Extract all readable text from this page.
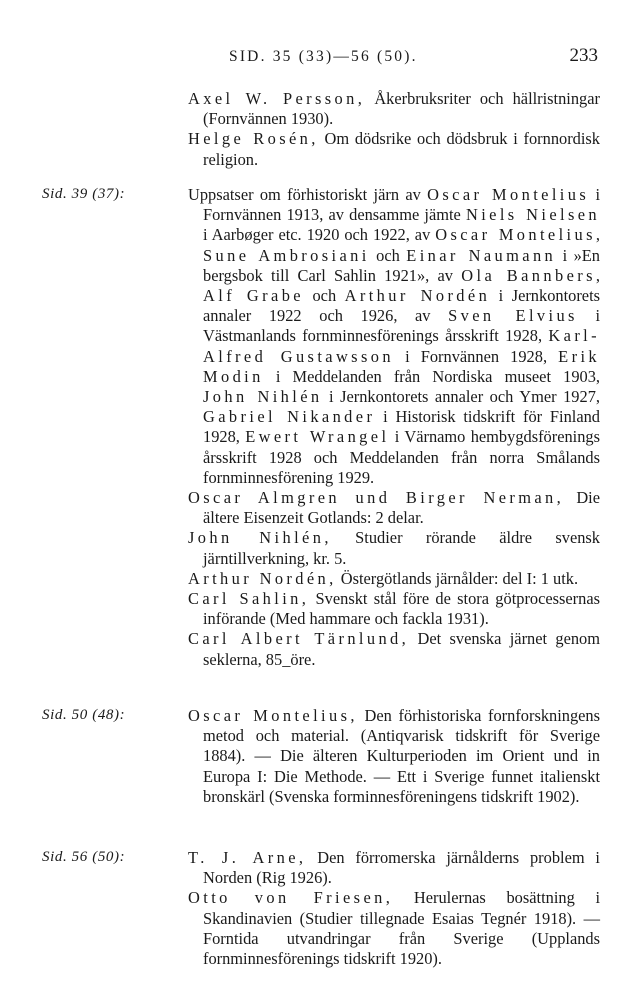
SID. 35 (33)—56 (50).	233

Axel W. Persson, Åkerbruksriter och hällristningar (Fornvännen 1930).

Helge Rosén, Om dödsrike och dödsbruk i fornnordisk religion.

Sid. 39 (37):	Uppsatser om förhistoriskt järn av Oscar Montelius i Fornvännen 1913, av densamme jämte Niels Nielsen i Aarbøger etc. 1920 och 1922, av Oscar Montelius, Sune Ambrosiani och Einar Naumann i »En bergsbok till Carl Sahlin 1921», av Ola Bannbers, Alf Grabe och Arthur Nordén i Jernkontorets annaler 1922 och 1926, av Sven Elvius i Västmanlands fornminnesförenings årsskrift 1928, Karl-Alfred Gustawsson i Fornvännen 1928, Erik Modin i Meddelanden från Nordiska museet 1903, John Nihlén i Jernkontorets annaler och Ymer 1927, Gabriel Nikander i Historisk tidskrift för Finland 1928, Ewert Wrangel i Värnamo hembygdsförenings årsskrift 1928 och Meddelanden från norra Smålands fornminnesförening 1929.

Oscar Almgren und Birger Nerman, Die ältere Eisenzeit Gotlands: 2 delar.

John Nihlén, Studier rörande äldre svensk järntillverkning, kr. 5.

Arthur Nordén, Östergötlands järnålder: del I: 1 utk.

Carl Sahlin, Svenskt stål före de stora götprocessernas införande (Med hammare och fackla 1931).

Carl Albert Tärnlund, Det svenska järnet genom seklerna, 85_öre.

Sid. 50 (48):	Oscar Montelius, Den förhistoriska fornforskningens metod och material. (Antiqvarisk tidskrift för Sverige 1884). — Die älteren Kulturperioden im Orient und in Europa I: Die Methode. — Ett i Sverige funnet italienskt bronskärl (Svenska forminnesföreningens tidskrift 1902).

Sid. 56 (50):	T. J. Arne, Den förromerska järnålderns problem i Norden (Rig 1926).

Otto von Friesen, Herulernas bosättning i Skandinavien (Studier tillegnade Esaias Tegnér 1918). — Forntida utvandringar från Sverige (Upplands fornminnesförenings tidskrift 1920).
